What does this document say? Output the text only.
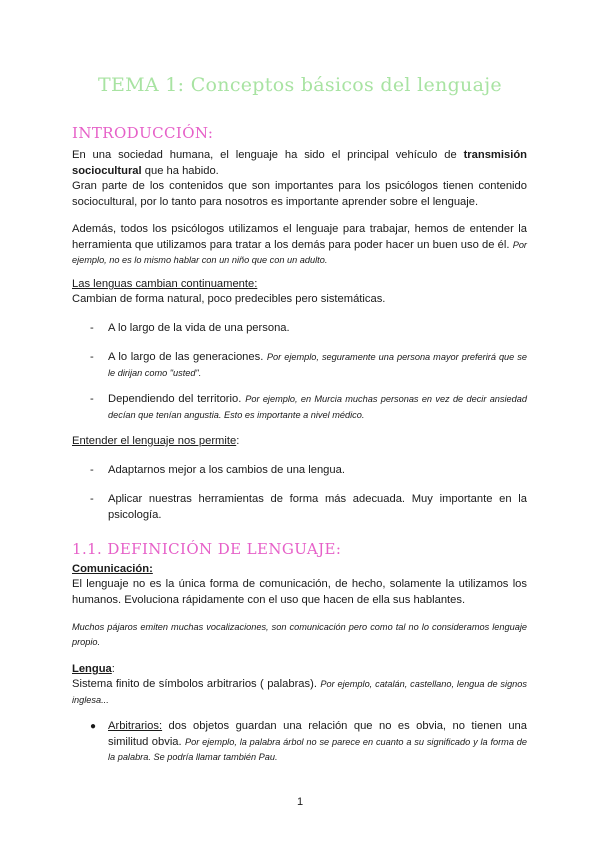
TEMA 1: Conceptos básicos del lenguaje
INTRODUCCIÓN:
En una sociedad humana, el lenguaje ha sido el principal vehículo de transmisión sociocultural que ha habido.
Gran parte de los contenidos que son importantes para los psicólogos tienen contenido sociocultural, por lo tanto para nosotros es importante aprender sobre el lenguaje.
Además, todos los psicólogos utilizamos el lenguaje para trabajar, hemos de entender la herramienta que utilizamos para tratar a los demás para poder hacer un buen uso de él. Por ejemplo, no es lo mismo hablar con un niño que con un adulto.
Las lenguas cambian continuamente:
Cambian de forma natural, poco predecibles pero sistemáticas.
- A lo largo de la vida de una persona.
- A lo largo de las generaciones. Por ejemplo, seguramente una persona mayor preferirá que se le dirijan como "usted".
- Dependiendo del territorio. Por ejemplo, en Murcia muchas personas en vez de decir ansiedad decían que tenían angustia. Esto es importante a nivel médico.
Entender el lenguaje nos permite:
- Adaptarnos mejor a los cambios de una lengua.
- Aplicar nuestras herramientas de forma más adecuada. Muy importante en la psicología.
1.1. DEFINICIÓN DE LENGUAJE:
Comunicación:
El lenguaje no es la única forma de comunicación, de hecho, solamente la utilizamos los humanos. Evoluciona rápidamente con el uso que hacen de ella sus hablantes.
Muchos pájaros emiten muchas vocalizaciones, son comunicación pero como tal no lo consideramos lenguaje propio.
Lengua:
Sistema finito de símbolos arbitrarios ( palabras). Por ejemplo, catalán, castellano, lengua de signos inglesa...
● Arbitrarios: dos objetos guardan una relación que no es obvia, no tienen una similitud obvia. Por ejemplo, la palabra árbol no se parece en cuanto a su significado y la forma de la palabra. Se podría llamar también Pau.
1
